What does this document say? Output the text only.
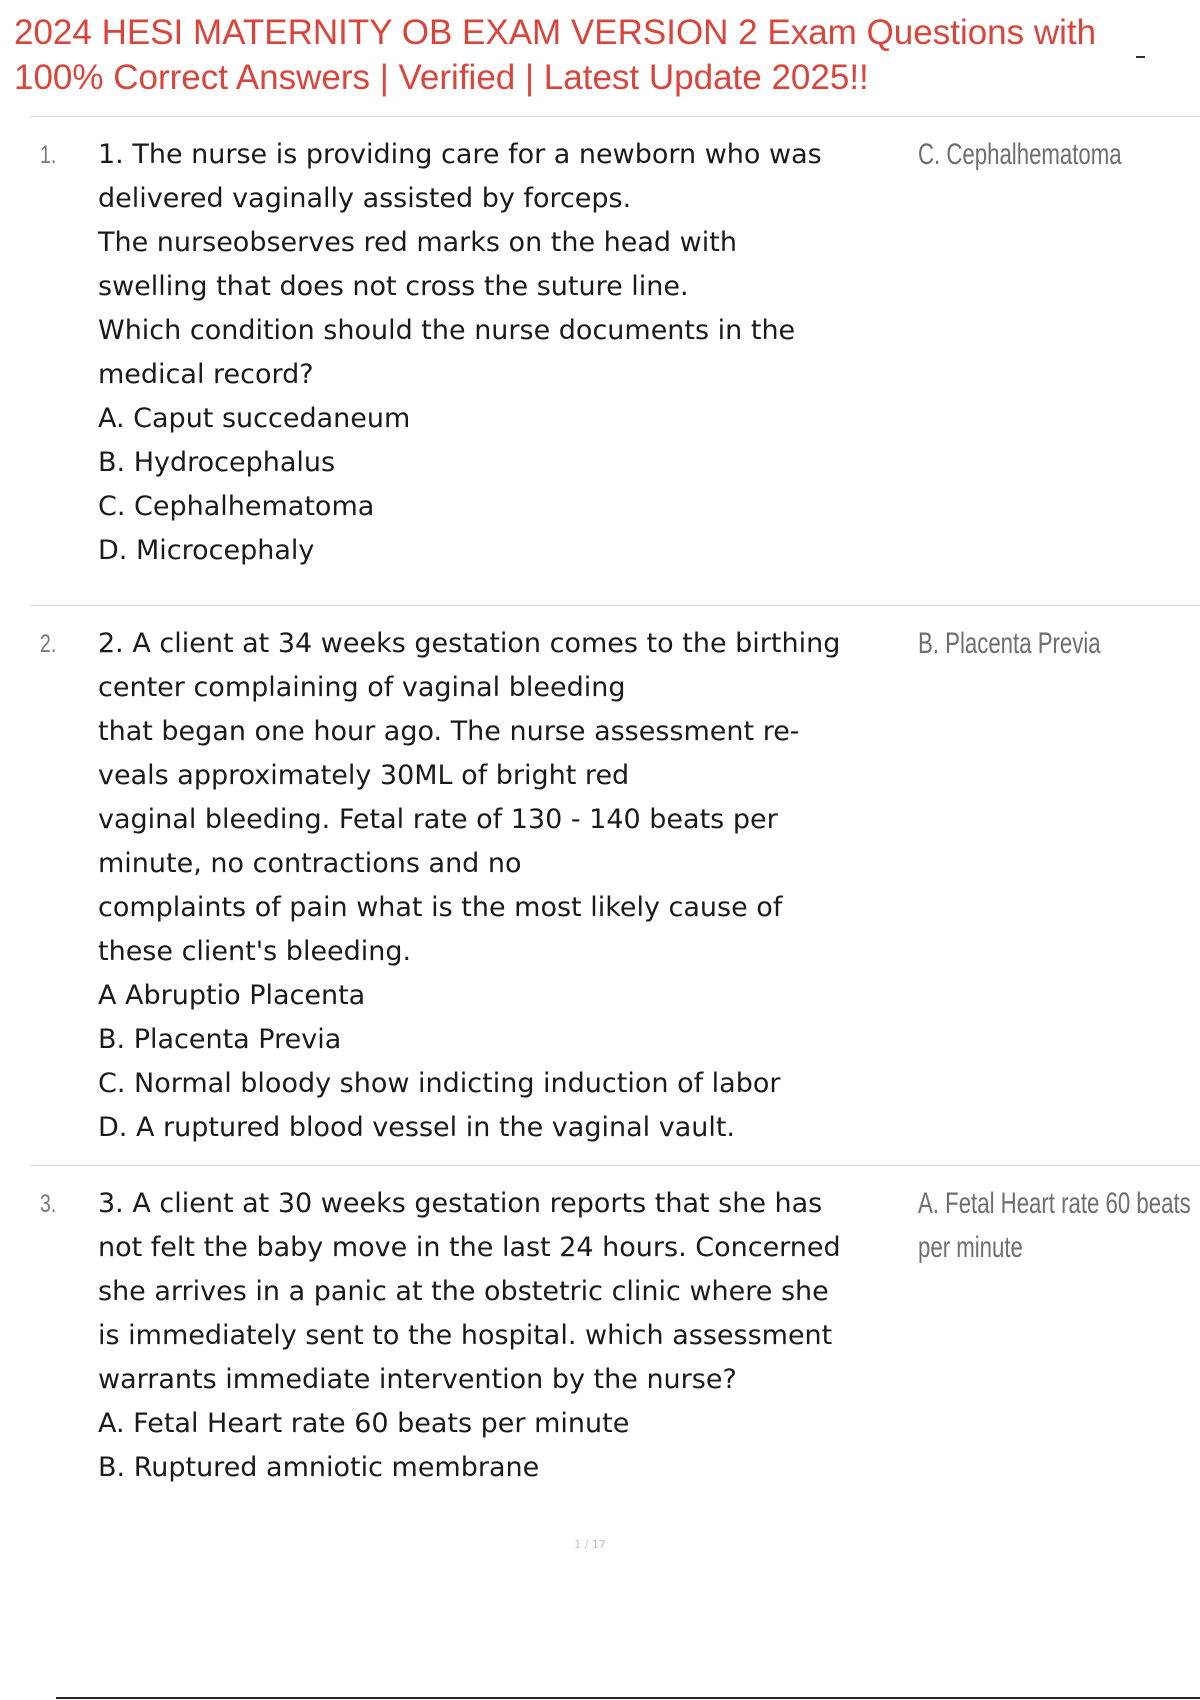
2024 HESI MATERNITY OB EXAM VERSION 2 Exam Questions with 100% Correct Answers | Verified | Latest Update 2025!!
1.	1. The nurse is providing care for a newborn who was
delivered vaginally assisted by forceps.
The nurseobserves red marks on the head with
swelling that does not cross the suture line.
Which condition should the nurse documents in the
medical record?
A. Caput succedaneum
B. Hydrocephalus
C. Cephalhematoma
D. Microcephaly
C. Cephalhematoma
2.	2. A client at 34 weeks gestation comes to the birthing
center complaining of vaginal bleeding
that began one hour ago. The nurse assessment re-
veals approximately 30ML of bright red
vaginal bleeding. Fetal rate of 130 - 140 beats per
minute, no contractions and no
complaints of pain what is the most likely cause of
these client's bleeding.
A Abruptio Placenta
B. Placenta Previa
C. Normal bloody show indicting induction of labor
D. A ruptured blood vessel in the vaginal vault.
B. Placenta Previa
3.	3. A client at 30 weeks gestation reports that she has
not felt the baby move in the last 24 hours. Concerned
she arrives in a panic at the obstetric clinic where she
is immediately sent to the hospital. which assessment
warrants immediate intervention by the nurse?
A. Fetal Heart rate 60 beats per minute
B. Ruptured amniotic membrane
A. Fetal Heart rate 60 beats
per minute
1 / 17
